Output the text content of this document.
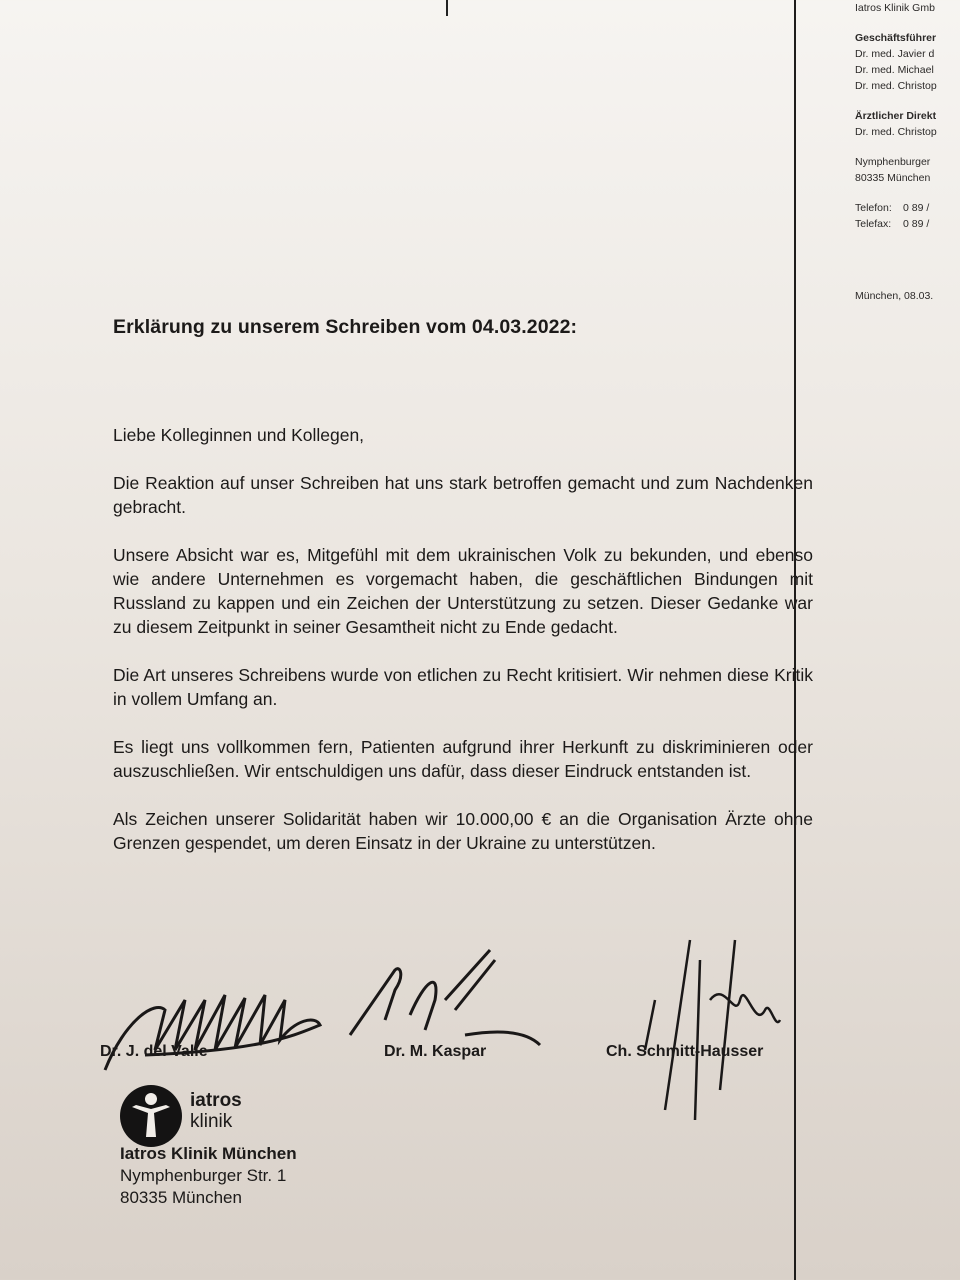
Iatros Klinik Gmb
Geschäftsführer
Dr. med. Javier d
Dr. med. Michael
Dr. med. Christop
Ärztlicher Direkt
Dr. med. Christop
Nymphenburger
80335 München
Telefon:	0 89 /
Telefax:	0 89 /
München, 08.03.
Erklärung zu unserem Schreiben vom 04.03.2022:

Liebe Kolleginnen und Kollegen,

Die Reaktion auf unser Schreiben hat uns stark betroffen gemacht und zum Nachdenken gebracht.

Unsere Absicht war es, Mitgefühl mit dem ukrainischen Volk zu bekunden, und ebenso wie andere Unternehmen es vorgemacht haben, die geschäftlichen Bindungen mit Russland zu kappen und ein Zeichen der Unterstützung zu setzen. Dieser Gedanke war zu diesem Zeitpunkt in seiner Gesamtheit nicht zu Ende gedacht.

Die Art unseres Schreibens wurde von etlichen zu Recht kritisiert. Wir nehmen diese Kritik in vollem Umfang an.

Es liegt uns vollkommen fern, Patienten aufgrund ihrer Herkunft zu diskriminieren oder auszuschließen. Wir entschuldigen uns dafür, dass dieser Eindruck entstanden ist.

Als Zeichen unserer Solidarität haben wir 10.000,00 € an die Organisation Ärzte ohne Grenzen gespendet, um deren Einsatz in der Ukraine zu unterstützen.

Dr. J. del Valle	Dr. M. Kaspar	Ch. Schmitt-Hausser
iatros
klinik
Iatros Klinik München
Nymphenburger Str. 1
80335 München
